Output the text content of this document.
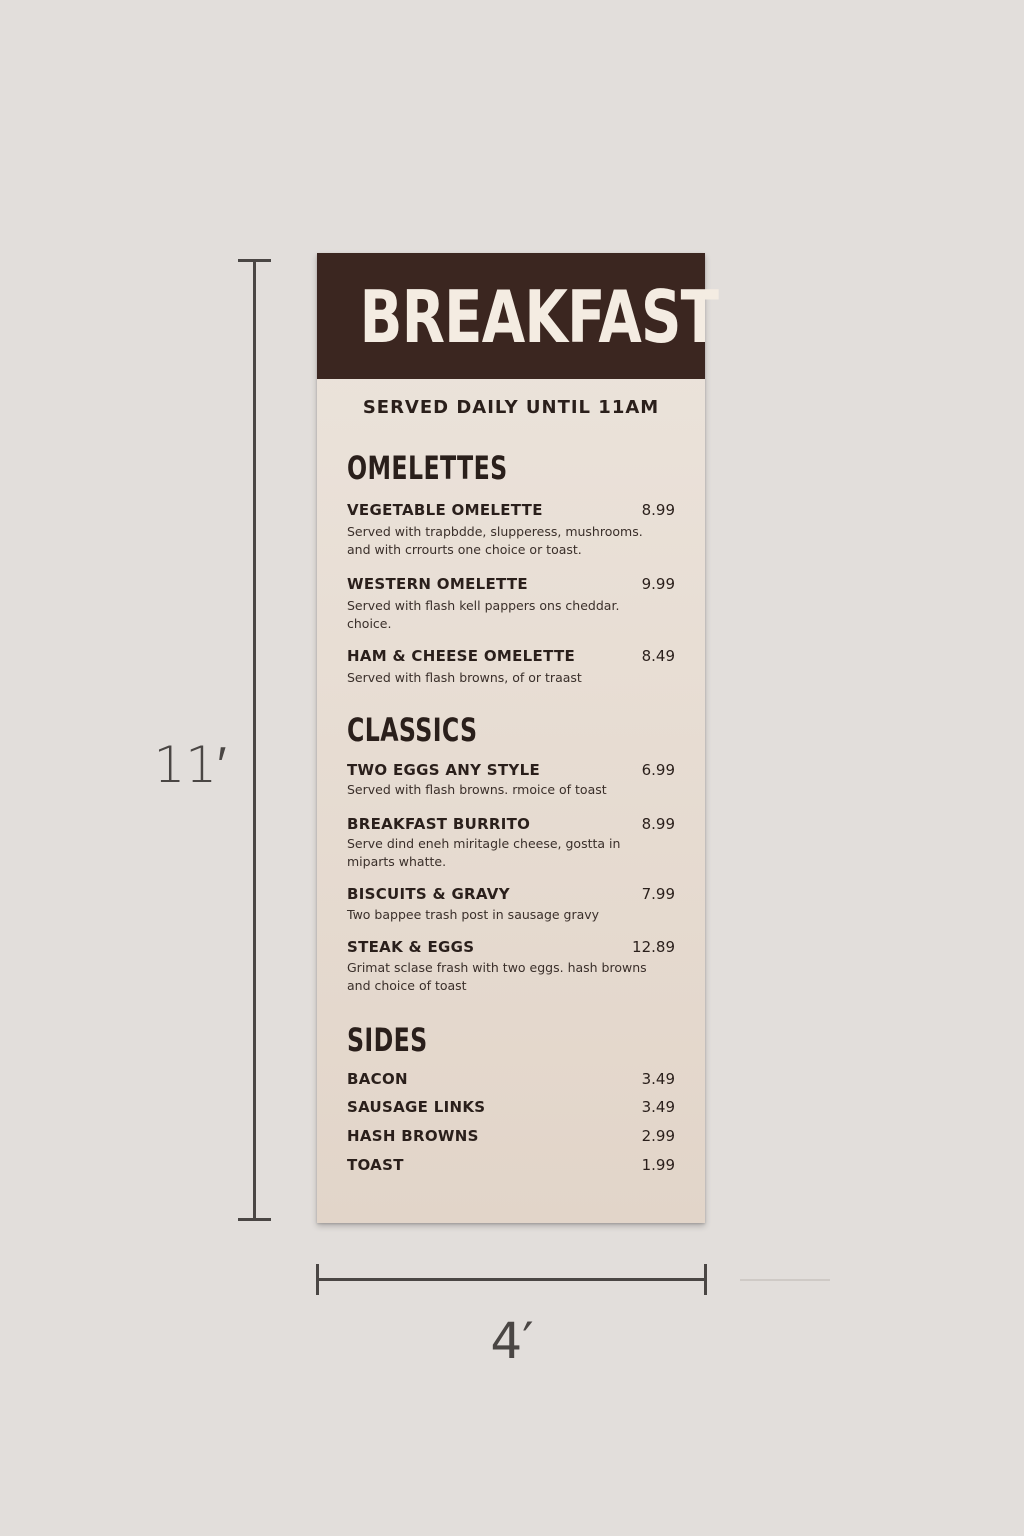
11′
4′
BREAKFAST
SERVED DAILY UNTIL 11AM
OMELETTES
VEGETABLE OMELETTE	8.99
Served with trapbdde, slupperess, mushrooms. and with crrourts one choice or toast.
WESTERN OMELETTE	9.99
Served with flash kell pappers ons cheddar. choice.
HAM & CHEESE OMELETTE	8.49
Served with flash browns, of or traast
CLASSICS
TWO EGGS ANY STYLE	6.99
Served with flash browns. rmoice of toast
BREAKFAST BURRITO	8.99
Serve dind eneh miritagle cheese, gostta in miparts whatte.
BISCUITS & GRAVY	7.99
Two bappee trash post in sausage gravy
STEAK & EGGS	12.89
Grimat sclase frash with two eggs. hash browns and choice of toast
SIDES
BACON	3.49
SAUSAGE LINKS	3.49
HASH BROWNS	2.99
TOAST	1.99
